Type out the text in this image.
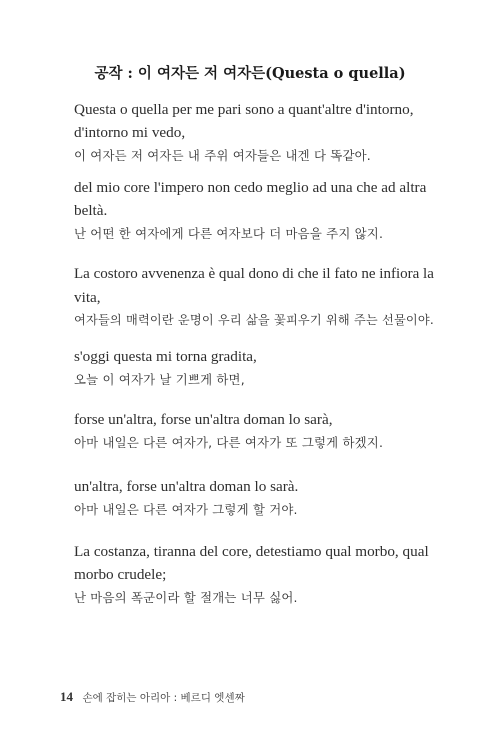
공작 : 이 여자든 저 여자든(Questa o quella)
Questa o quella per me pari sono a quant'altre d'intorno,
d'intorno mi vedo,
이 여자든 저 여자든 내 주위 여자들은 내겐 다 똑같아.
del mio core l'impero non cedo meglio ad una che ad altra
beltà.
난 어떤 한 여자에게 다른 여자보다 더 마음을 주지 않지.
La costoro avvenenza è qual dono di che il fato ne infiora la
vita,
여자들의 매력이란 운명이 우리 삶을 꽃피우기 위해 주는 선물이야.
s'oggi questa mi torna gradita,
오늘 이 여자가 날 기쁘게 하면,
forse un'altra, forse un'altra doman lo sarà,
아마 내일은 다른 여자가, 다른 여자가 또 그렇게 하겠지.
un'altra, forse un'altra doman lo sarà.
아마 내일은 다른 여자가 그렇게 할 거야.
La costanza, tiranna del core, detestiamo qual morbo, qual
morbo crudele;
난 마음의 폭군이라 할 절개는 너무 싫어.
14 손에 잡히는 아리아 : 베르디 엣센짜
